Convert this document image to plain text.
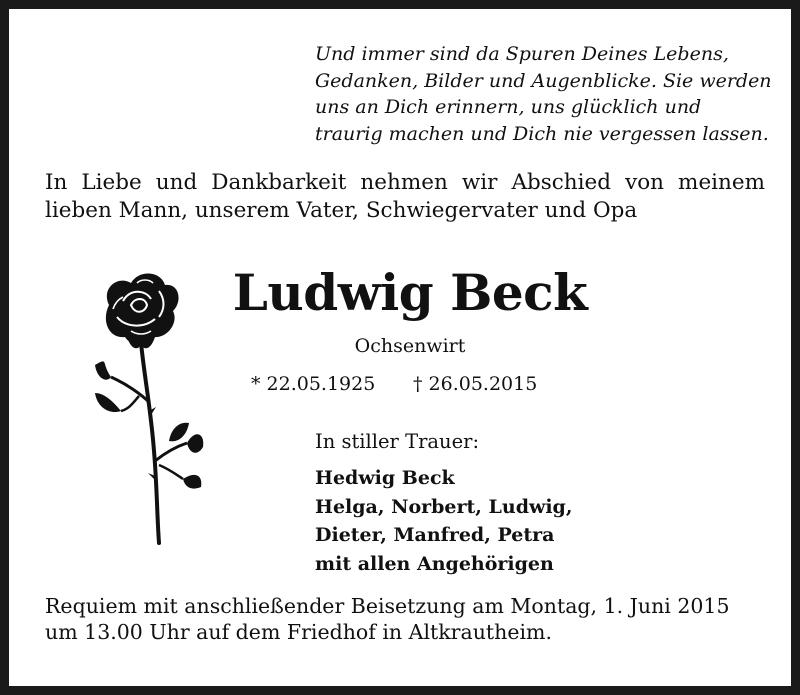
Und immer sind da Spuren Deines Lebens,
Gedanken, Bilder und Augenblicke. Sie werden
uns an Dich erinnern, uns glücklich und
traurig machen und Dich nie vergessen lassen.

In Liebe und Dankbarkeit nehmen wir Abschied von meinem lieben Mann, unserem Vater, Schwiegervater und Opa

Ludwig Beck

Ochsenwirt

* 22.05.1925 † 26.05.2015

In stiller Trauer:

Hedwig Beck
Helga, Norbert, Ludwig,
Dieter, Manfred, Petra
mit allen Angehörigen

Requiem mit anschließender Beisetzung am Montag, 1. Juni 2015
um 13.00 Uhr auf dem Friedhof in Altkrautheim.
